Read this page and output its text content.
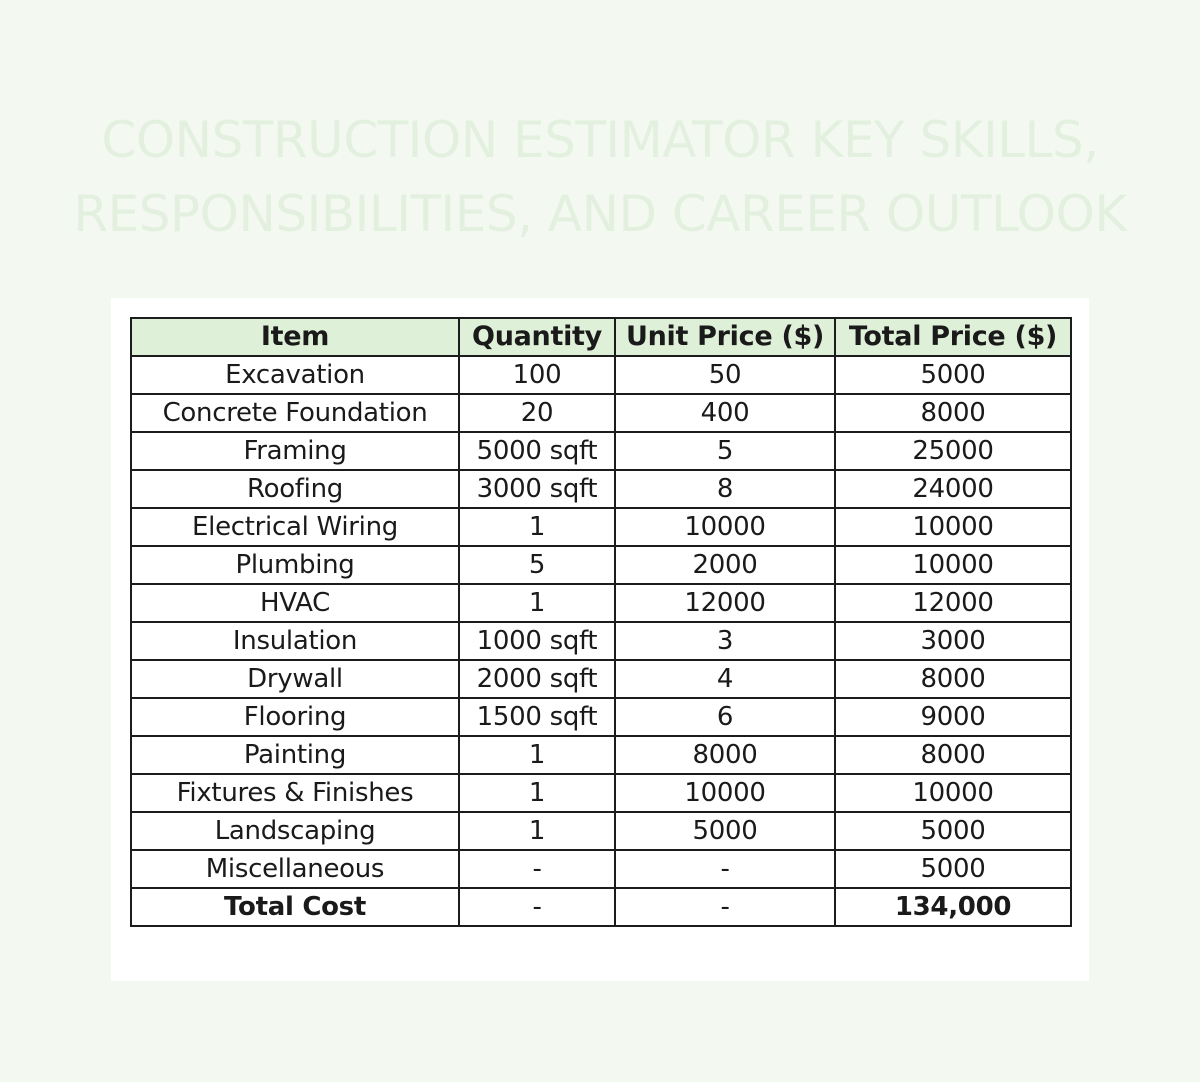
CONSTRUCTION ESTIMATOR KEY SKILLS,
RESPONSIBILITIES, AND CAREER OUTLOOK
Item	Quantity	Unit Price ($)	Total Price ($)
Excavation	100	50	5000
Concrete Foundation	20	400	8000
Framing	5000 sqft	5	25000
Roofing	3000 sqft	8	24000
Electrical Wiring	1	10000	10000
Plumbing	5	2000	10000
HVAC	1	12000	12000
Insulation	1000 sqft	3	3000
Drywall	2000 sqft	4	8000
Flooring	1500 sqft	6	9000
Painting	1	8000	8000
Fixtures & Finishes	1	10000	10000
Landscaping	1	5000	5000
Miscellaneous	-	-	5000
Total Cost	-	-	134,000
